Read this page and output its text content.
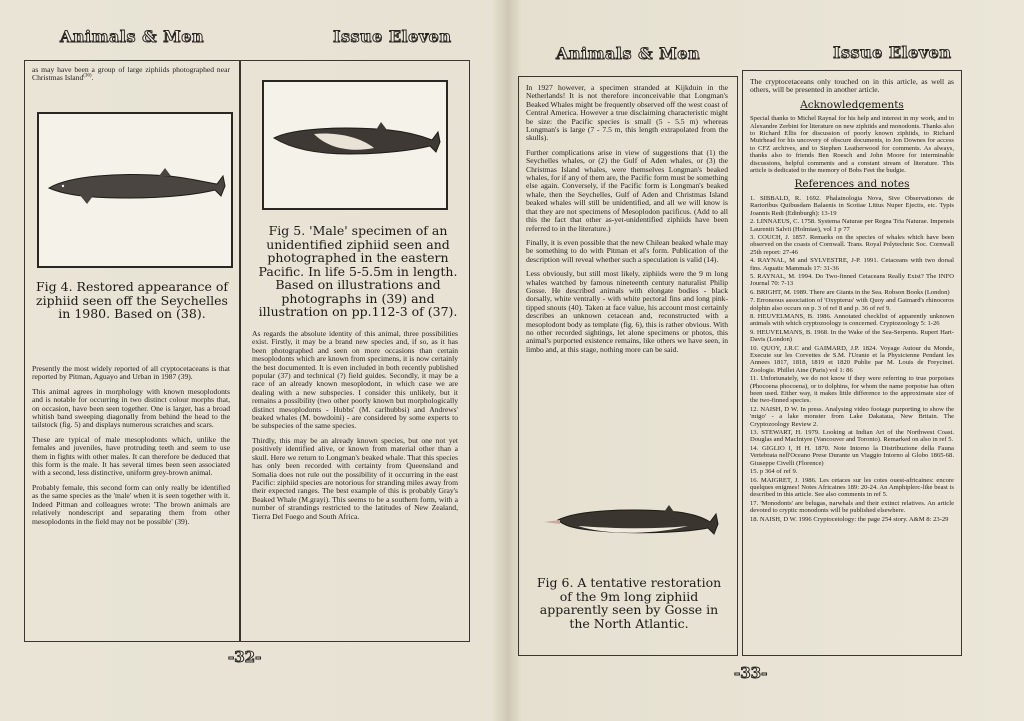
Animals & Men	Issue Eleven
Animals & Men	Issue Eleven
as may have been a group of large ziphiids photographed near Christmas Island$^{(36)}$.
Fig 4. Restored appearance of ziphiid seen off the Seychelles in 1980. Based on (38).

Presently the most widely reported of all cryptocetaceans is that reported by Pitman, Aguayo and Urban in 1987 (39).

This animal agrees in morphology with known mesoplodonts and is notable for occurring in two distinct colour morphs that, on occasion, have been seen together. One is larger, has a broad whitish band sweeping diagonally from behind the head to the tailstock (fig. 5) and displays numerous scratches and scars.

These are typical of male mesoplodonts which, unlike the females and juveniles, have protruding teeth and seem to use them in fights with other males. It can therefore be deduced that this form is the male. It has several times been seen associated with a second, less distinctive, uniform grey-brown animal.

Probably female, this second form can only really be identified as the same species as the 'male' when it is seen together with it. Indeed Pitman and colleagues wrote: 'The brown animals are relatively nondescript and separating them from other mesoplodonts in the field may not be possible' (39).

Fig 5. 'Male' specimen of an unidentified ziphiid seen and photographed in the eastern Pacific. In life 5-5.5m in length. Based on illustrations and photographs in (39) and illustration on pp.112-3 of (37).

As regards the absolute identity of this animal, three possibilities exist. Firstly, it may be a brand new species and, if so, as it has been photographed and seen on more occasions than certain mesoplodonts which are known from specimens, it is now certainly the best documented. It is even included in both recently published popular (37) and technical (?) field guides. Secondly, it may be a race of an already known mesoplodont, in which case we are dealing with a new subspecies. I consider this unlikely, but it remains a possibility (two other poorly known but morphologically distinct mesoplodonts - Hubbs' (M. carlhubbsi) and Andrews' beaked whales (M. bowdoini) - are considered by some experts to be subspecies of the same species.

Thirdly, this may be an already known species, but one not yet positively identified alive, or known from material other than a skull. Here we return to Longman's beaked whale. That this species has only been recorded with certainty from Queensland and Somalia does not rule out the possibility of it occurring in the east Pacific: ziphiid species are notorious for stranding miles away from their expected ranges. The best example of this is probably Gray's Beaked Whale (M.grayi). This seems to be a southern form, with a number of strandings restricted to the latitudes of New Zealand, Tierra Del Fuego and South Africa.

-32-

In 1927 however, a specimen stranded at Kijkduin in the Netherlands! It is not therefore inconceivable that Longman's Beaked Whales might be frequently observed off the west coast of Central America. However a true disclaiming characteristic might be size: the Pacific species is small (5 - 5.5 m) whereas Longman's is large (7 - 7.5 m, this length extrapolated from the skulls).

Further complications arise in view of suggestions that (1) the Seychelles whales, or (2) the Gulf of Aden whales, or (3) the Christmas Island whales, were themselves Longman's beaked whales, for if any of them are, the Pacific form must be something else again. Conversely, if the Pacific form is Longman's beaked whale, then the Seychelles, Gulf of Aden and Christmas Island beaked whales will still be unidentified, and all we will know is that they are not specimens of Mesoplodon pacificus. (Add to all this the fact that other as-yet-unidentified ziphiids have been referred to in the literature.)

Finally, it is even possible that the new Chilean beaked whale may be something to do with Pitman et al's form. Publication of the description will reveal whether such a speculation is valid (14).

Less obviously, but still most likely, ziphiids were the 9 m long whales watched by famous nineteenth century naturalist Philip Gosse. He described animals with elongate bodies - black dorsally, white ventrally - with white pectoral fins and long pink-tipped snouts (40). Taken at face value, his account most certainly describes an unknown cetacean and, reconstructed with a mesoplodont body as template (fig. 6), this is rather obvious. With no other recorded sightings, let alone specimens or photos, this animal's purported existence remains, like others we have seen, in limbo and, at this stage, nothing more can be said.

Fig 6. A tentative restoration of the 9m long ziphiid apparently seen by Gosse in the North Atlantic.

The cryptocetaceans only touched on in this article, as well as others, will be presented in another article.

Acknowledgements

Special thanks to Michel Raynal for his help and interest in my work, and to Alexandre Zerbini for literature on new ziphiids and monodonts. Thanks also to Richard Ellis for discussion of poorly known ziphiids, to Richard Muirhead for his uncovery of obscure documents, to Jon Downes for access to CFZ archives, and to Stephen Leatherwood for comments. As always, thanks also to friends Ben Roesch and John Moore for interminable discussions, helpful comments and a constant stream of literature. This article is dedicated to the memory of Bobs Feet the budgie.

References and notes
1. SIBBALD, R. 1692. Phalainologia Nova, Sive Observationes de Rarioribus Quibusdam Balaenis in Scotiae Littus Nuper Ejectis, etc. Typis Joannis Redi (Edinburgh): 13-19
2. LINNAEUS, C. 1758. Systema Naturae per Regna Tria Naturae. Impensis Laurentii Salvii (Holmiae), vol 1 p 77
3. COUCH, J. 1857. Remarks on the species of whales which have been observed on the coasts of Cornwall. Trans. Royal Polytechnic Soc. Cornwall 25th report: 27-46
4. RAYNAL, M and SYLVESTRE, J-P. 1991. Cetaceans with two dorsal fins. Aquatic Mammals 17: 31-36
5. RAYNAL, M. 1994. Do Two-finned Cetaceans Really Exist? The INFO Journal 70: 7-13
6. BRIGHT, M. 1989. There are Giants in the Sea. Robson Books (London)
7. Erroneous association of 'Oxypterus' with Quoy and Gaimard's rhinoceros dolphin also occurs on p. 3 of ref 8 and p. 36 of ref 9.
8. HEUVELMANS, B. 1986. Annotated checklist of apparently unknown animals with which cryptozoology is concerned. Cryptozoology 5: 1-26
9. HEUVELMANS, B. 1968. In the Wake of the Sea-Serpents. Rupert Hart-Davis (London)
10. QUOY, J.R.C and GAIMARD, J.P. 1824. Voyage Autour du Monde, Execute sur les Corvettes de S.M. l'Uranie et la Physicienne Pendant les Annees 1817, 1818, 1819 et 1820 Publie par M. Louis de Freycinet. Zoologie. Phillet Aine (Paris) vol 1: 86
11. Unfortunately, we do not know if they were referring to true porpoises (Phocoena phocoena), or to dolphins, for whom the name porpoise has often been used. Either way, it makes little difference to the approximate size of the two-finned species.
12. NAISH, D W. In press. Analysing video footage purporting to show the 'migo' - a lake monster from Lake Dakataua, New Britain. The Cryptozoology Review 2.
13. STEWART, H. 1979. Looking at Indian Art of the Northwest Coast. Douglas and MacIntyre (Vancouver and Toronto). Remarked on also in ref 5.
14. GIGLIO I, H H. 1870. Note Intorno la Distribuzione della Fauna Vertebrata nell'Oceano Prese Durante un Viaggio Intorno al Globo 1865-68. Giuseppe Civelli (Florence)
15. p 364 of ref 9.
16. MAIGRET, J. 1986. Les cetaces sur les cotes ouest-africaines: encore quelques enigmes! Notes Africaines 189: 20-24. An Amphiplerc-like beast is described in this article. See also comments in ref 5.
17. 'Monodonts' are belugas, narwhals and their extinct relatives. An article devoted to cryptic monodonts will be published elsewhere.
18. NAISH, D W. 1996 Cryptocetology: the page 254 story. A&M 8: 23-29
-33-
